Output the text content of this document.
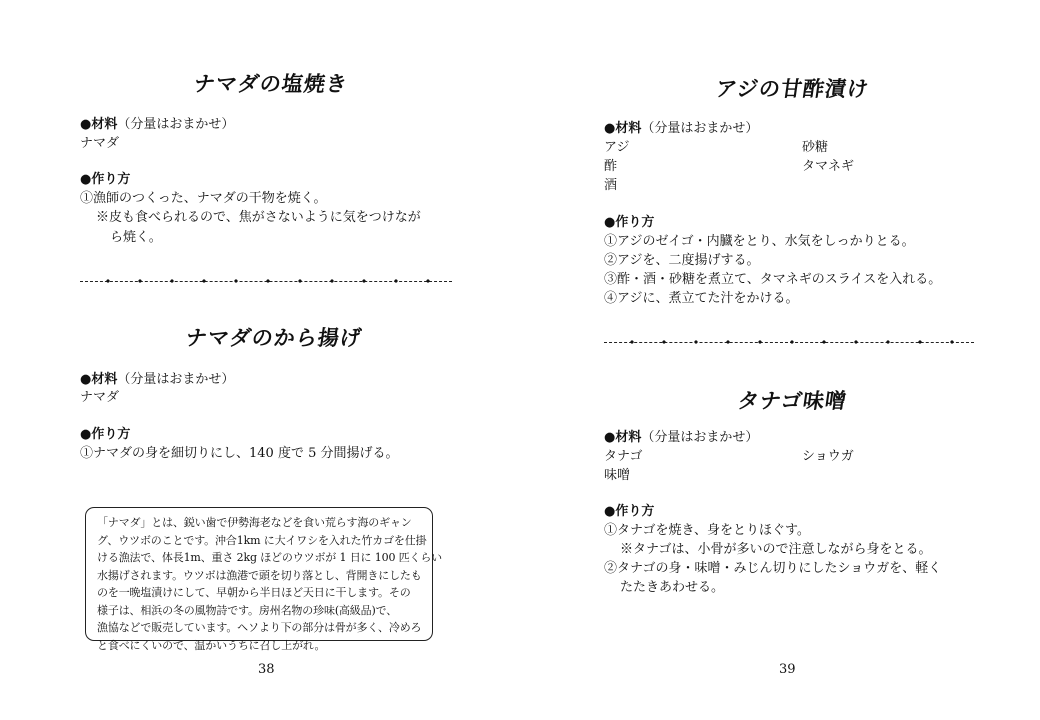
ナマダの塩焼き
●材料（分量はおまかせ）
ナマダ
●作り方
①漁師のつくった、ナマダの干物を焼く。
※皮も食べられるので、焦がさないように気をつけなが
ら焼く。
ナマダのから揚げ
●材料（分量はおまかせ）
ナマダ
●作り方
①ナマダの身を細切りにし、140 度で 5 分間揚げる。

「ナマダ」とは、鋭い歯で伊勢海老などを食い荒らす海のギャン

グ、ウツボのことです。沖合1km に大イワシを入れた竹カゴを仕掛

ける漁法で、体長1m、重さ 2kg ほどのウツボが 1 日に 100 匹くらい

水揚げされます。ウツボは漁港で頭を切り落とし、背開きにしたも

のを一晩塩漬けにして、早朝から半日ほど天日に干します。その

様子は、相浜の冬の風物詩です。房州名物の珍味(高級品)で、

漁協などで販売しています。ヘソより下の部分は骨が多く、冷めろ

と食べにくいので、温かいうちに召し上がれ。

38
アジの甘酢漬け
●材料（分量はおまかせ）
アジ
酢
酒
砂糖
タマネギ
●作り方
①アジのゼイゴ・内臓をとり、水気をしっかりとる。
②アジを、二度揚げする。
③酢・酒・砂糖を煮立て、タマネギのスライスを入れる。
④アジに、煮立てた汁をかける。
タナゴ味噌
●材料（分量はおまかせ）
タナゴ
味噌
ショウガ
●作り方
①タナゴを焼き、身をとりほぐす。
※タナゴは、小骨が多いので注意しながら身をとる。
②タナゴの身・味噌・みじん切りにしたショウガを、軽く
たたきあわせる。
39
